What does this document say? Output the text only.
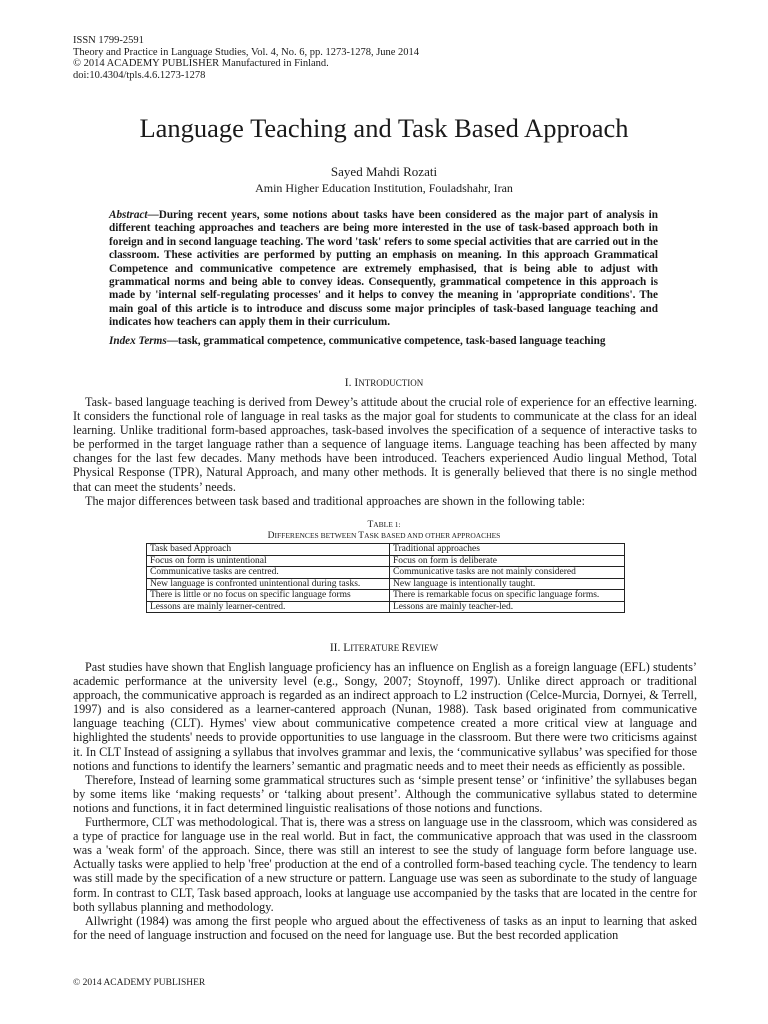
ISSN 1799-2591
Theory and Practice in Language Studies, Vol. 4, No. 6, pp. 1273-1278, June 2014
© 2014 ACADEMY PUBLISHER Manufactured in Finland.
doi:10.4304/tpls.4.6.1273-1278
Language Teaching and Task Based Approach
Sayed Mahdi Rozati
Amin Higher Education Institution, Fouladshahr, Iran
Abstract—During recent years, some notions about tasks have been considered as the major part of analysis in different teaching approaches and teachers are being more interested in the use of task-based approach both in foreign and in second language teaching. The word 'task' refers to some special activities that are carried out in the classroom. These activities are performed by putting an emphasis on meaning. In this approach Grammatical Competence and communicative competence are extremely emphasised, that is being able to adjust with grammatical norms and being able to convey ideas. Consequently, grammatical competence in this approach is made by 'internal self-regulating processes' and it helps to convey the meaning in 'appropriate conditions'. The main goal of this article is to introduce and discuss some major principles of task-based language teaching and indicates how teachers can apply them in their curriculum.
Index Terms—task, grammatical competence, communicative competence, task-based language teaching
I. INTRODUCTION

Task- based language teaching is derived from Dewey’s attitude about the crucial role of experience for an effective learning. It considers the functional role of language in real tasks as the major goal for students to communicate at the class for an ideal learning. Unlike traditional form-based approaches, task-based involves the specification of a sequence of interactive tasks to be performed in the target language rather than a sequence of language items. Language teaching has been affected by many changes for the last few decades. Many methods have been introduced. Teachers experienced Audio lingual Method, Total Physical Response (TPR), Natural Approach, and many other methods. It is generally believed that there is no single method that can meet the students’ needs.

The major differences between task based and traditional approaches are shown in the following table:

TABLE 1:
DIFFERENCES BETWEEN TASK BASED AND OTHER APPROACHES
Task based Approach	Traditional approaches
Focus on form is unintentional	Focus on form is deliberate
Communicative tasks are centred.	Communicative tasks are not mainly considered
New language is confronted unintentional during tasks.	New language is intentionally taught.
There is little or no focus on specific language forms	There is remarkable focus on specific language forms.
Lessons are mainly learner-centred.	Lessons are mainly teacher-led.
II. LITERATURE REVIEW

Past studies have shown that English language proficiency has an influence on English as a foreign language (EFL) students’ academic performance at the university level (e.g., Songy, 2007; Stoynoff, 1997). Unlike direct approach or traditional approach, the communicative approach is regarded as an indirect approach to L2 instruction (Celce-Murcia, Dornyei, & Terrell, 1997) and is also considered as a learner-cantered approach (Nunan, 1988). Task based originated from communicative language teaching (CLT). Hymes' view about communicative competence created a more critical view at language and highlighted the students' needs to provide opportunities to use language in the classroom. But there were two criticisms against it. In CLT Instead of assigning a syllabus that involves grammar and lexis, the ‘communicative syllabus’ was specified for those notions and functions to identify the learners’ semantic and pragmatic needs and to meet their needs as efficiently as possible.

Therefore, Instead of learning some grammatical structures such as ‘simple present tense’ or ‘infinitive’ the syllabuses began by some items like ‘making requests’ or ‘talking about present’. Although the communicative syllabus stated to determine notions and functions, it in fact determined linguistic realisations of those notions and functions.

Furthermore, CLT was methodological. That is, there was a stress on language use in the classroom, which was considered as a type of practice for language use in the real world. But in fact, the communicative approach that was used in the classroom was a 'weak form' of the approach. Since, there was still an interest to see the study of language form before language use. Actually tasks were applied to help 'free' production at the end of a controlled form-based teaching cycle. The tendency to learn was still made by the specification of a new structure or pattern. Language use was seen as subordinate to the study of language form. In contrast to CLT, Task based approach, looks at language use accompanied by the tasks that are located in the centre for both syllabus planning and methodology.

Allwright (1984) was among the first people who argued about the effectiveness of tasks as an input to learning that asked for the need of language instruction and focused on the need for language use. But the best recorded application

© 2014 ACADEMY PUBLISHER
